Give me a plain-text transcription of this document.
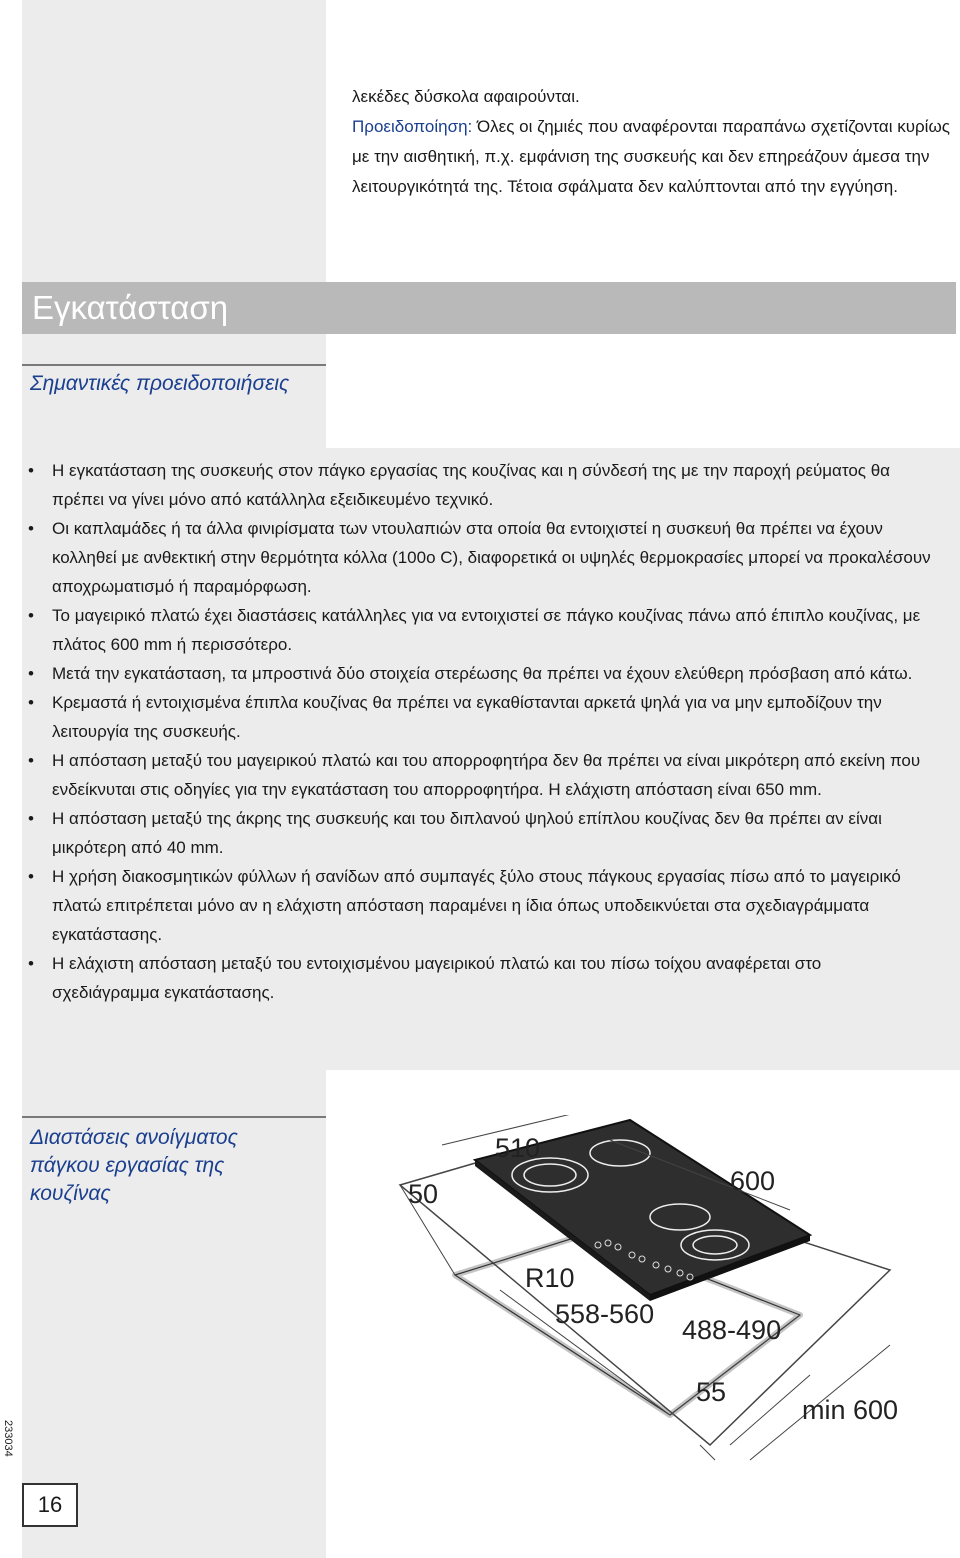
λεκέδες δύσκολα αφαιρούνται.
Προειδοποίηση: Όλες οι ζημιές που αναφέρονται παραπάνω σχετίζονται κυρίως με την αισθητική, π.χ. εμφάνιση της συσκευής και δεν επηρεάζουν άμεσα την λειτουργικότητά της. Τέτοια σφάλματα δεν καλύπτονται από την εγγύηση.
Εγκατάσταση
Σημαντικές προειδοποιήσεις
• Η εγκατάσταση της συσκευής στον πάγκο εργασίας της κουζίνας και η σύνδεσή της με την παροχή ρεύματος θα πρέπει να γίνει μόνο από κατάλληλα εξειδικευμένο τεχνικό.
• Οι καπλαμάδες ή τα άλλα φινιρίσματα των ντουλαπιών στα οποία θα εντοιχιστεί η συσκευή θα πρέπει να έχουν κολληθεί με ανθεκτική στην θερμότητα κόλλα (100o C), διαφορετικά οι υψηλές θερμοκρασίες μπορεί να προκαλέσουν αποχρωματισμό ή παραμόρφωση.
• Το μαγειρικό πλατώ έχει διαστάσεις κατάλληλες για να εντοιχιστεί σε πάγκο κουζίνας πάνω από έπιπλο κουζίνας, με πλάτος 600 mm ή περισσότερο.
• Μετά την εγκατάσταση, τα μπροστινά δύο στοιχεία στερέωσης θα πρέπει να έχουν ελεύθερη πρόσβαση από κάτω.
• Κρεμαστά ή εντοιχισμένα έπιπλα κουζίνας θα πρέπει να εγκαθίστανται αρκετά ψηλά για να μην εμποδίζουν την λειτουργία της συσκευής.
• Η απόσταση μεταξύ του μαγειρικού πλατώ και του απορροφητήρα δεν θα πρέπει να είναι μικρότερη από εκείνη που ενδείκνυται στις οδηγίες για την εγκατάσταση του απορροφητήρα. Η ελάχιστη απόσταση είναι 650 mm.
• Η απόσταση μεταξύ της άκρης της συσκευής και του διπλανού ψηλού επίπλου κουζίνας δεν θα πρέπει αν είναι μικρότερη από 40 mm.
• Η χρήση διακοσμητικών φύλλων ή σανίδων από συμπαγές ξύλο στους πάγκους εργασίας πίσω από το μαγειρικό πλατώ επιτρέπεται μόνο αν η ελάχιστη απόσταση παραμένει η ίδια όπως υποδεικνύεται στα σχεδιαγράμματα εγκατάστασης.
• Η ελάχιστη απόσταση μεταξύ του εντοιχισμένου μαγειρικού πλατώ και του πίσω τοίχου αναφέρεται στο σχεδιάγραμμα εγκατάστασης.
Διαστάσεις ανοίγματος πάγκου εργασίας της κουζίνας
510
600
50
R10
558-560
488-490
55
min 600
233034
16
